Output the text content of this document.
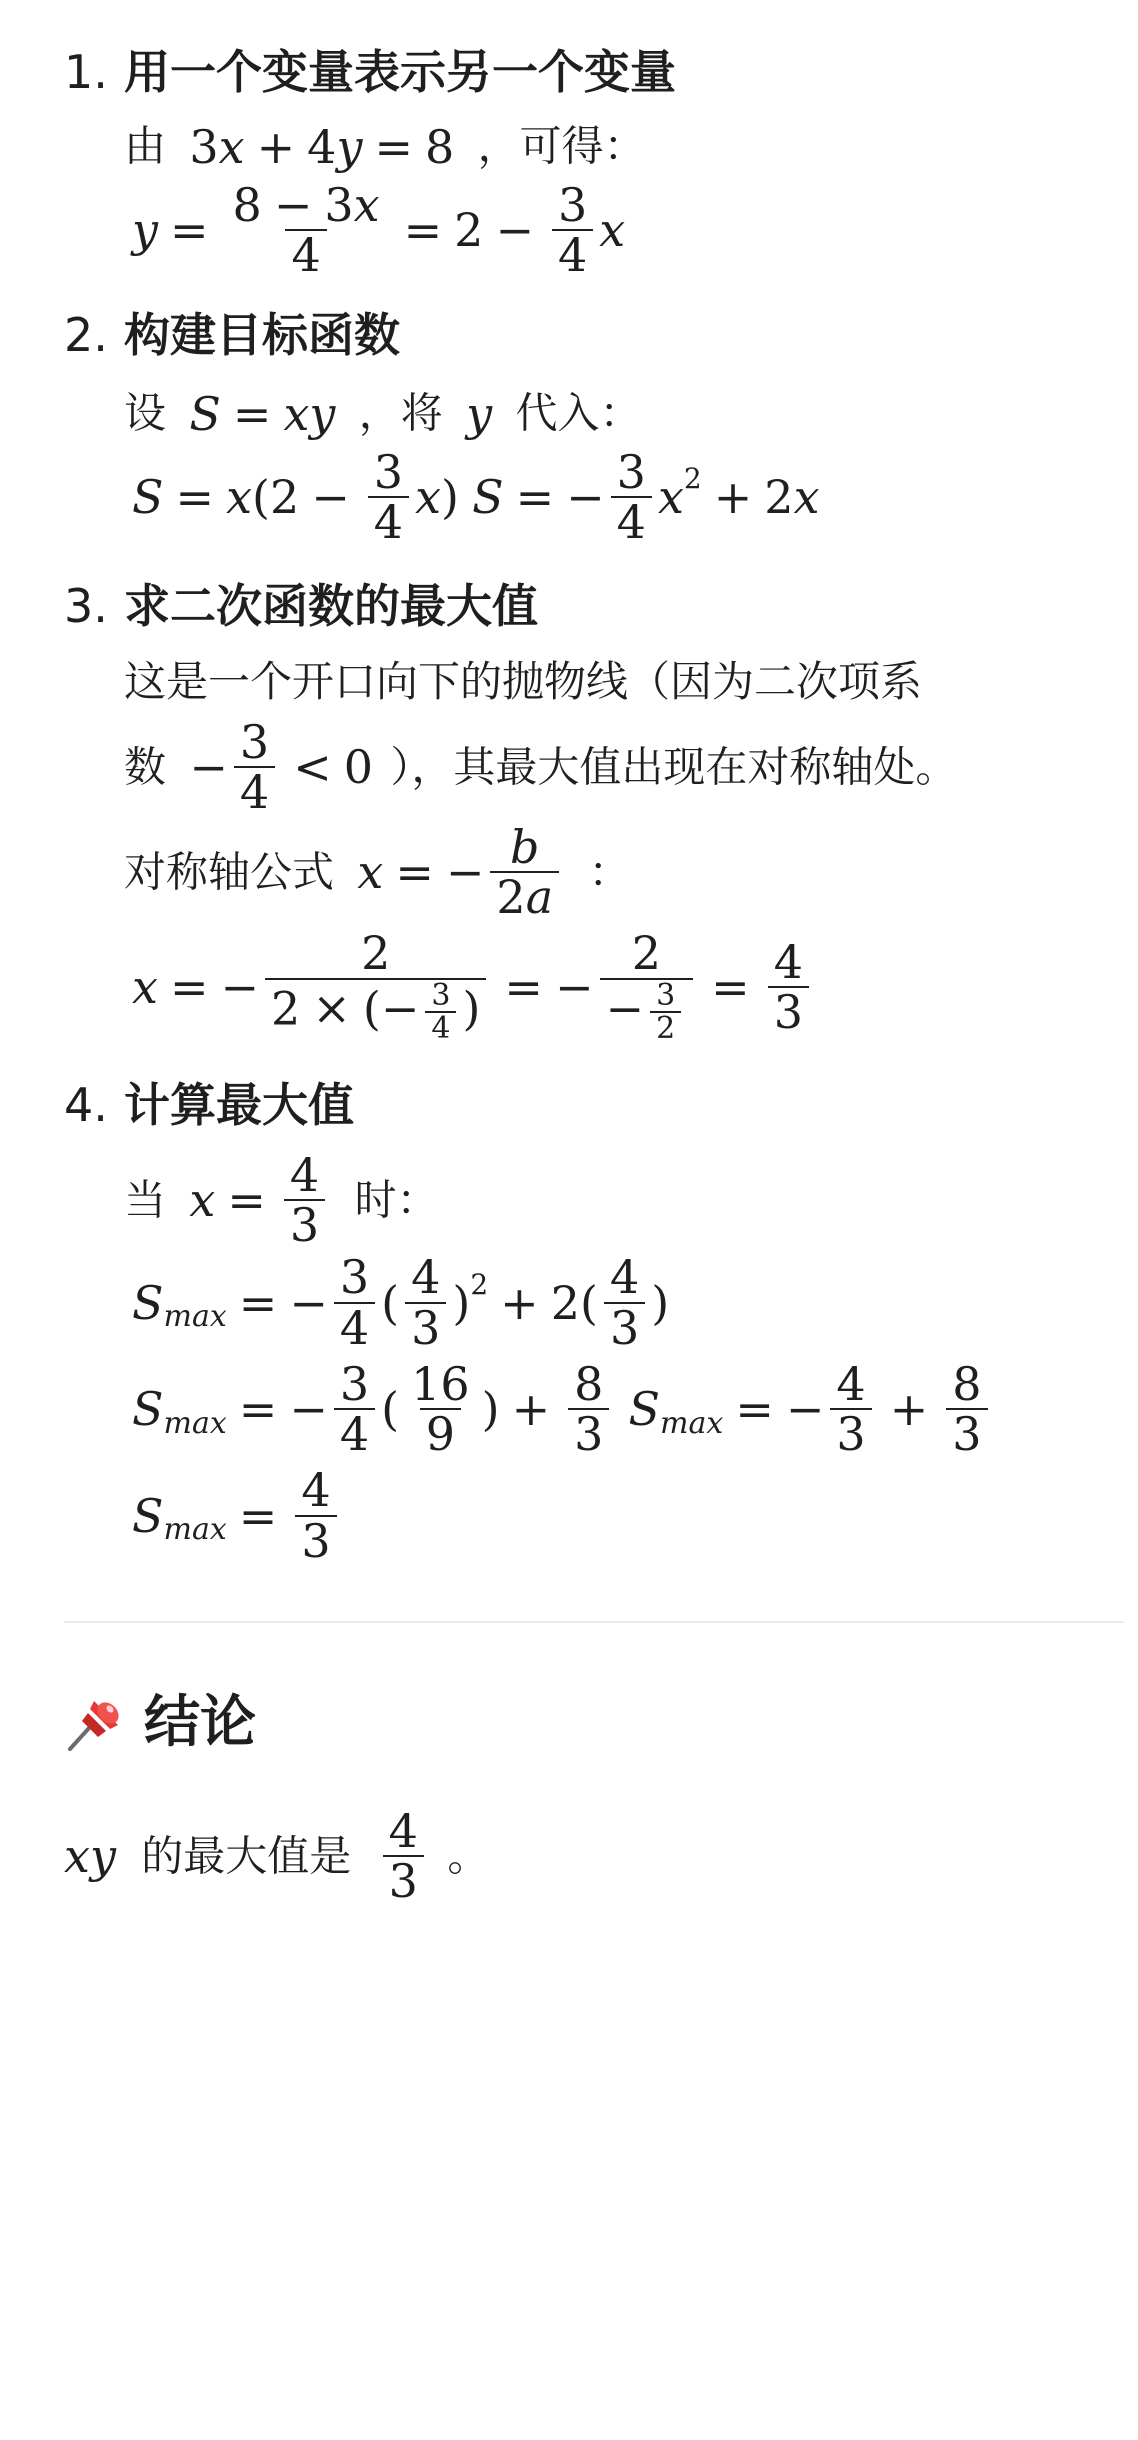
1. 用一个变量表示另一个变量
由 3 x + 4 y = 8 ，可得：
$y = \frac{8 - 3x}{4} = 2 - \frac{3}{4}$ x
2. 构建目标函数
设 S = xy ，将 y 代入：
S = x ($2 - \frac{3}{4}$ x ) S = − $\frac{3}{4}$ x 2 + 2 x
3. 求二次函数的最大值
这是一个开口向下的抛物线（因为二次项系
数 − $\frac{3}{4} < 0$ ），其最大值出现在对称轴处。
对称轴公式 x = − $\frac{b}{2a}$ ：
x = − $\frac{2}{2 \times (- \frac{3}{4} )}$ = − $\frac{2}{- \frac{3}{2}} = \frac{4}{3}$
4. 计算最大值
当 $x = \frac{4}{3}$ 时：
S max = − $\frac{3}{4}$ ( $\frac{4}{3}$ ) $2 + 2( \frac{4}{3}$ )
S max = − $\frac{3}{4}$ ( $\frac{16}{9}$ ) + $\frac{8}{3}$
S max = − $\frac{4}{3} + \frac{8}{3}$

S $\max = \frac{4}{3}$
结论
xy 的最大值是 $\frac{4}{3}$ 。
